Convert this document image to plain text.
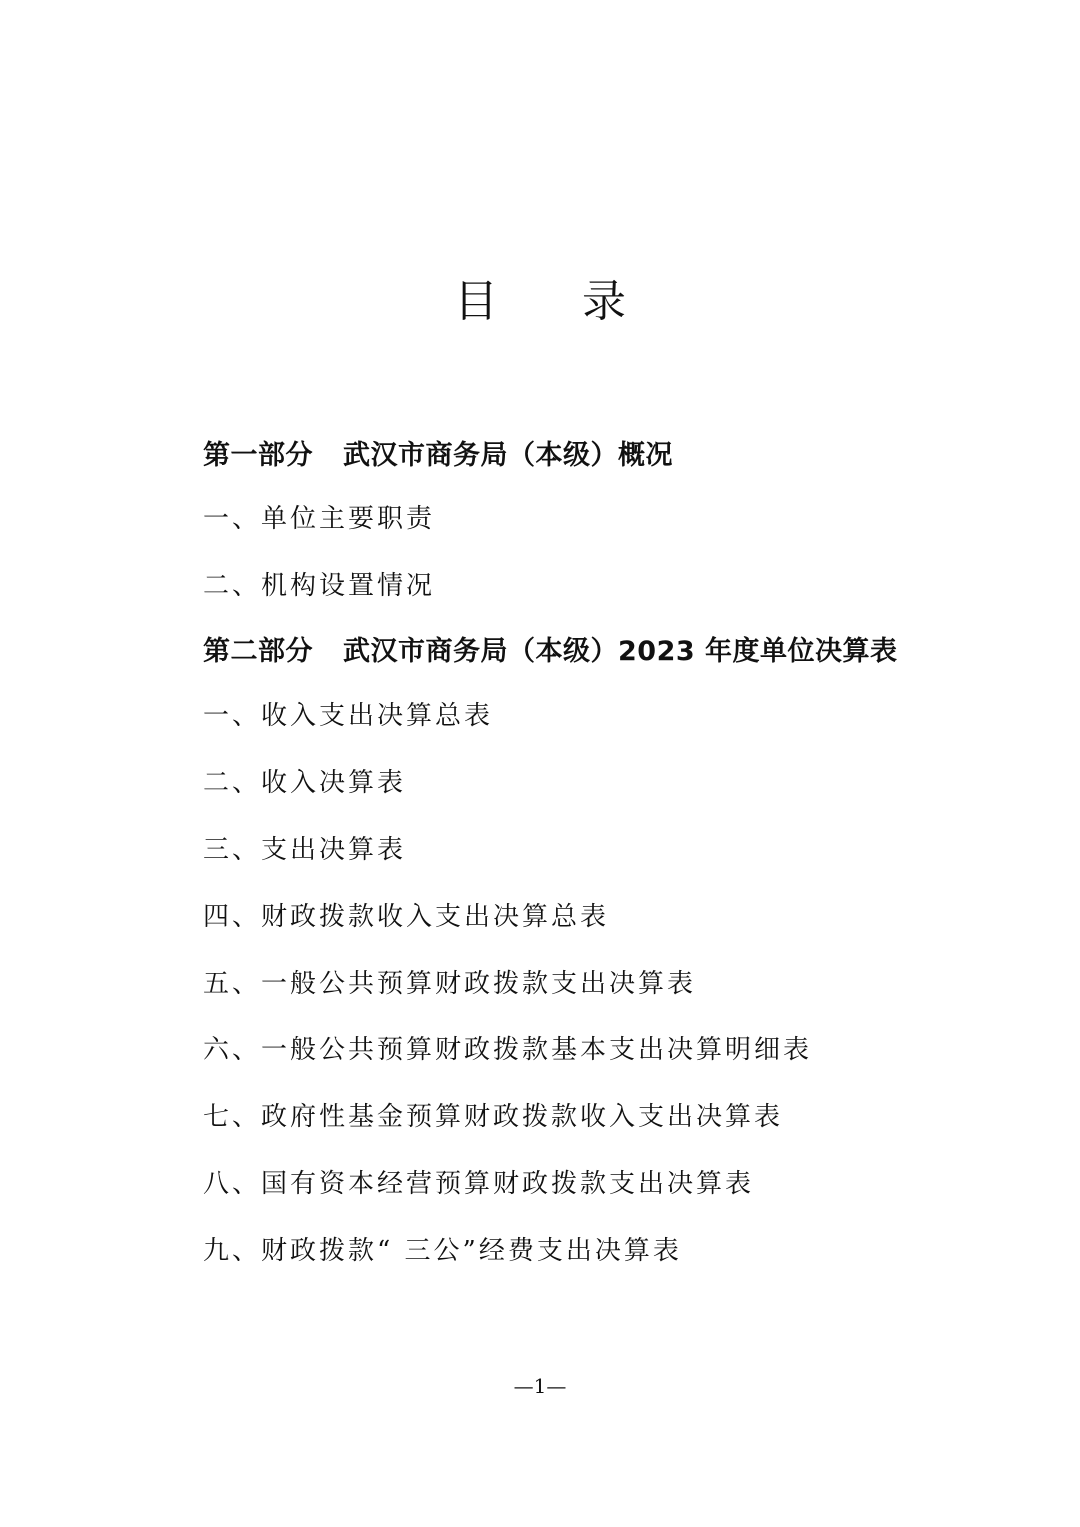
目录
第一部分 武汉市商务局（本级）概况
一、单位主要职责
二、机构设置情况
第二部分 武汉市商务局（本级）2023 年度单位决算表
一、收入支出决算总表
二、收入决算表
三、支出决算表
四、财政拨款收入支出决算总表
五、一般公共预算财政拨款支出决算表
六、一般公共预算财政拨款基本支出决算明细表
七、政府性基金预算财政拨款收入支出决算表
八、国有资本经营预算财政拨款支出决算表
九、财政拨款“ 三公”经费支出决算表
—1—
